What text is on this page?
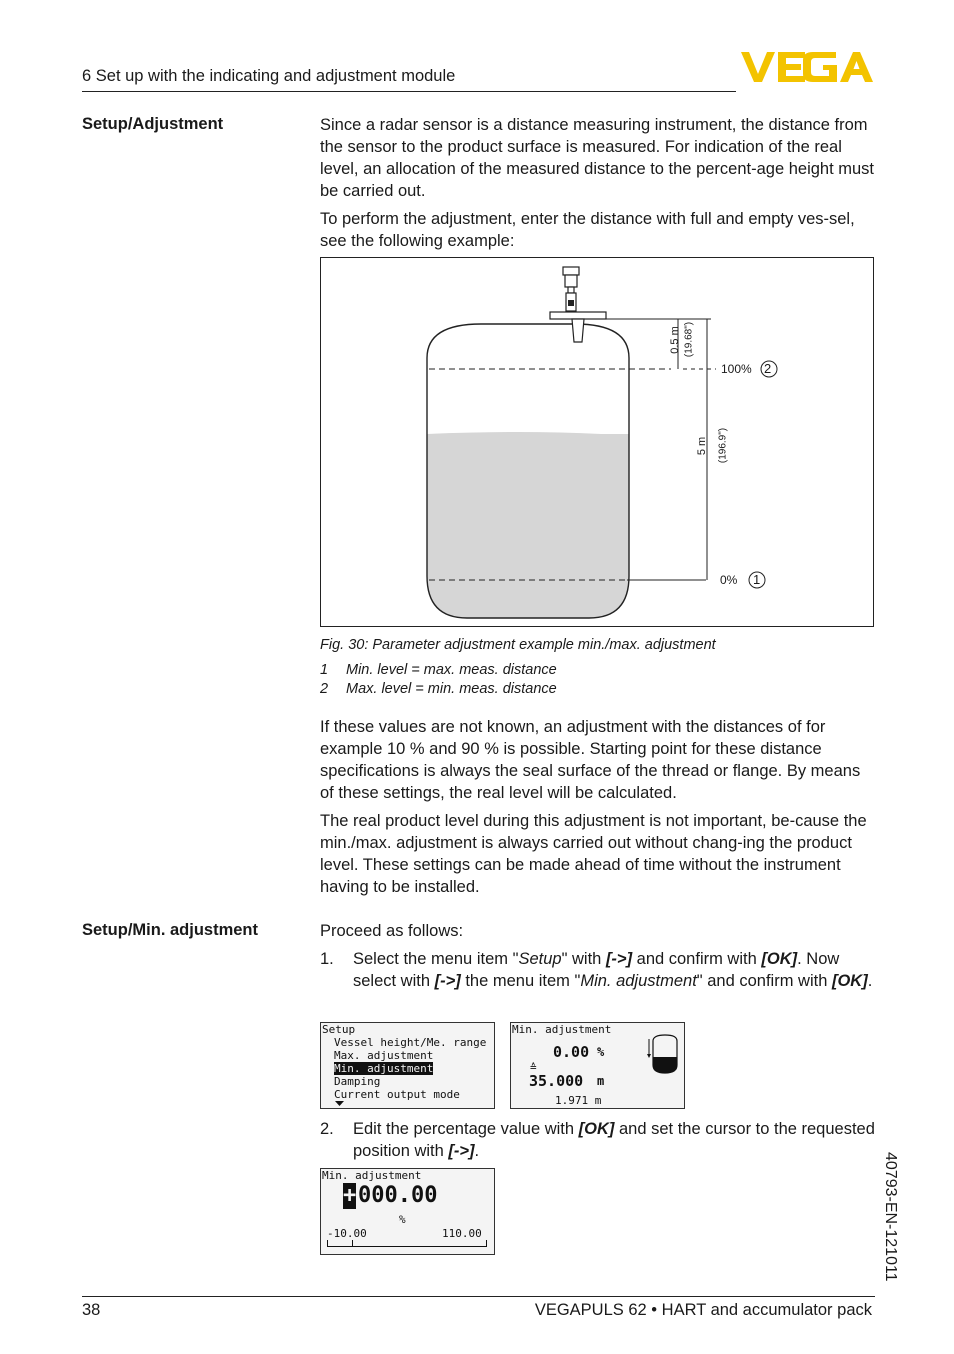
6 Set up with the indicating and adjustment module
Setup/Adjustment	Since a radar sensor is a distance measuring instrument, the distance from the sensor to the product surface is measured. For indication of the real level, an allocation of the measured distance to the percent-age height must be carried out.

To perform the adjustment, enter the distance with full and empty ves-sel, see the following example:

0.5 m (19.68")
5 m (196.9")
100% 2
0% 1
Fig. 30: Parameter adjustment example min./max. adjustment
1 Min. level = max. meas. distance
2 Max. level = min. meas. distance

If these values are not known, an adjustment with the distances of for example 10 % and 90 % is possible. Starting point for these distance specifications is always the seal surface of the thread or flange. By means of these settings, the real level will be calculated.

The real product level during this adjustment is not important, be-cause the min./max. adjustment is always carried out without chang-ing the product level. These settings can be made ahead of time without the instrument having to be installed.

Setup/Min. adjustment	Proceed as follows:
1. Select the menu item "Setup" with [->] and confirm with [OK]. Now select with [->] the menu item "Min. adjustment" and confirm with [OK].
Setup
Vessel height/Me. range
Max. adjustment
Min. adjustment
Damping
Current output mode
Min. adjustment
0.00 %
≙
35.000 m
1.971 m
2. Edit the percentage value with [OK] and set the cursor to the requested position with [->].
Min. adjustment
+ 000.00
%
-10.00	110.00	40793-EN-121011
38	VEGAPULS 62 • HART and accumulator pack
